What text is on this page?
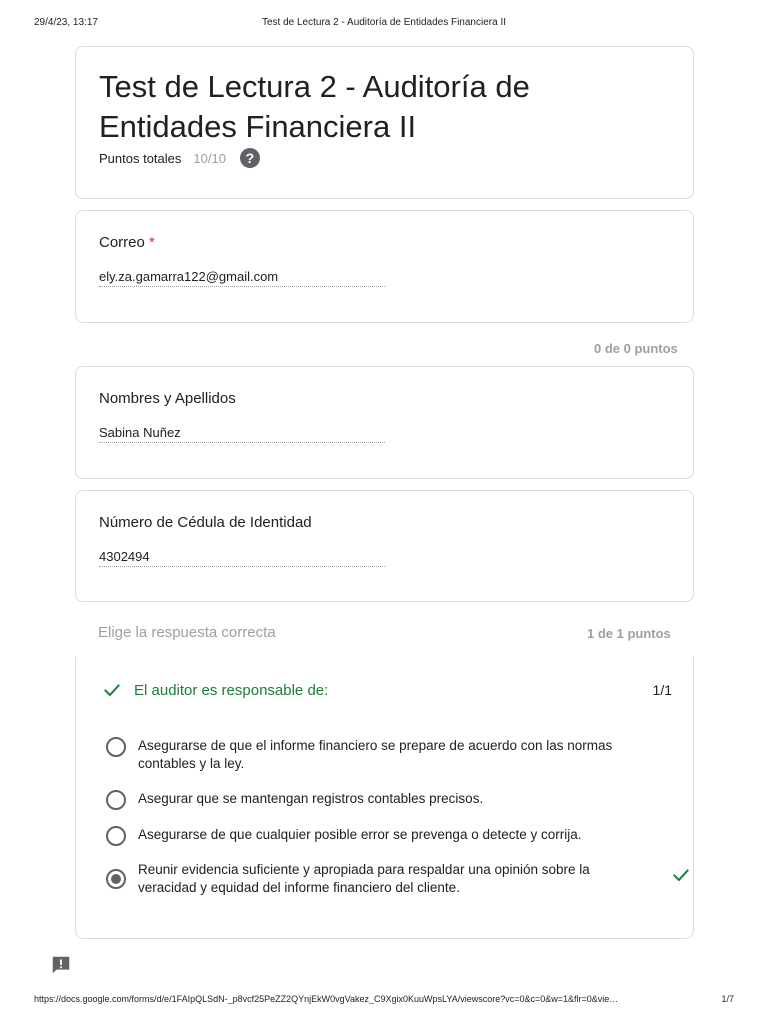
29/4/23, 13:17	Test de Lectura 2 - Auditoría de Entidades Financiera II
Test de Lectura 2 - Auditoría de Entidades Financiera II
Puntos totales 10/10	?
Correo *
ely.za.gamarra122@gmail.com
0 de 0 puntos
Nombres y Apellidos
Sabina Nuñez
Número de Cédula de Identidad
4302494
Elige la respuesta correcta	1 de 1 puntos
El auditor es responsable de:	1/1
Asegurarse de que el informe financiero se prepare de acuerdo con las normas contables y la ley.
Asegurar que se mantengan registros contables precisos.
Asegurarse de que cualquier posible error se prevenga o detecte y corrija.
Reunir evidencia suficiente y apropiada para respaldar una opinión sobre la veracidad y equidad del informe financiero del cliente.
https://docs.google.com/forms/d/e/1FAIpQLSdN-_p8vcf25PeZZ2QYnjEkW0vgVakez_C9Xgix0KuuWpsLYA/viewscore?vc=0&c=0&w=1&flr=0&vie…	1/7
